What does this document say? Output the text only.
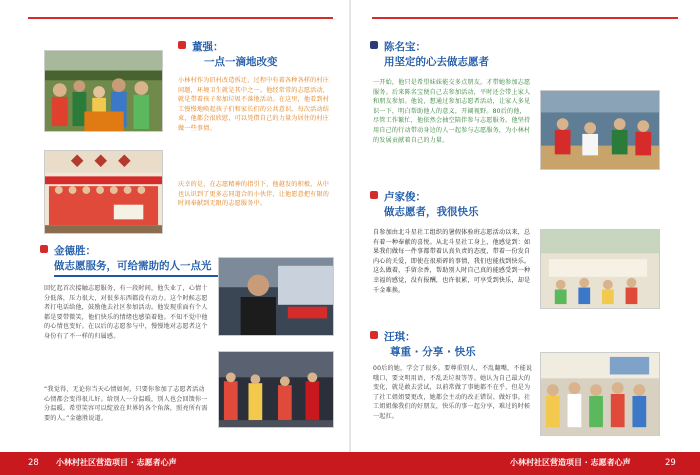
董强：
一点一滴地改变
小林村作为旧村改造拆迁，过程中有着各种各样的村庄问题，环境卫生就是其中之一。他经常常的志愿活动，就是带着孩子参加垃圾不落地活动。在这里，他看到村工慢慢地唤起孩子们和家长们的公共意识。每次活动结束，他都会很欣慰，可以凭借自己的力量为居住的村庄做一些事情。
庆幸的是，在志愿精神的指引下，他越发的积极，从中也认识到了更多志同道合的小伙伴，让他愿意把有限的时间奉献到无限的志愿服务中。
金德胜：
做志愿服务，可给需助的人一点光
回忆起首次接触志愿服务，有一段时间，他失业了，心情十分低落，压力很大，对很多东西都没有动力。这个时候志愿者打电话给他，鼓励他去社区参加活动。他发现重面有个人都是要带微笑，他们快乐的情绪也感染着他。不知不觉中他的心情也变好。在以后的志愿参与中，慢慢地对志愿者这个身份有了不一样的归属感。
“我觉得，无论你当天心情如何，只要你参加了志愿者活动心情都会变得很儿好。给别人一分温暖，别人也会回馈你一分温暖。希望笑容可以绽放在世界的各个角落，照亮所有需要的人。”金德胜说道。
陈名宝：
用坚定的心去做志愿者
一开始，他只是希望妹妹能交多点朋友，才带她参加志愿服务。后来陈名宝便自己去参加活动，平时还会带上家人和朋友参加。他说，想通过参加志愿者活动，让家人多见识一下，明白帮助他人的意义，开阔视野。80后的他，尽管工作繁忙，他依然会抽空陪伴参与志愿服务。他坚持用自己的行动带动身边的人一起参与志愿服务，为小林村的发展贡献着自己的力量。
卢家俊：
做志愿者，我很快乐
自参加由北斗星社工组织的暑假体验班志愿活动以来，总有着一种奉献的喜悦。从北斗星社工身上，他感觉到：如果我们做每一件事都带着认真负责的态度，带着一份发自内心的关爱，即使在很琐碎的事情，我们也能找到快乐。这么做着，手留余香，帮助别人时自己真的能感受到一种幸福的感觉，没有报酬，也许很累，可享受到快乐，却是千金难换。
汪琪：
尊重 · 分享 · 快乐
00后的她，学会了很多。要尊重别人，不乱翻嘴，不能说哦口，要文明用语，不乱丢垃圾等等。她认为自己最大的变化，就是敢去尝试，以前常做了事她都不在乎，但是为了社工姐姐要更改，她都会主动的改正错误、做好事。社工姐姐像我们的好朋友，快乐的事一起分享，难过的时候一起扛。
28 小林村社区营造项目 · 志愿者心声	小林村社区营造项目 · 志愿者心声	29
